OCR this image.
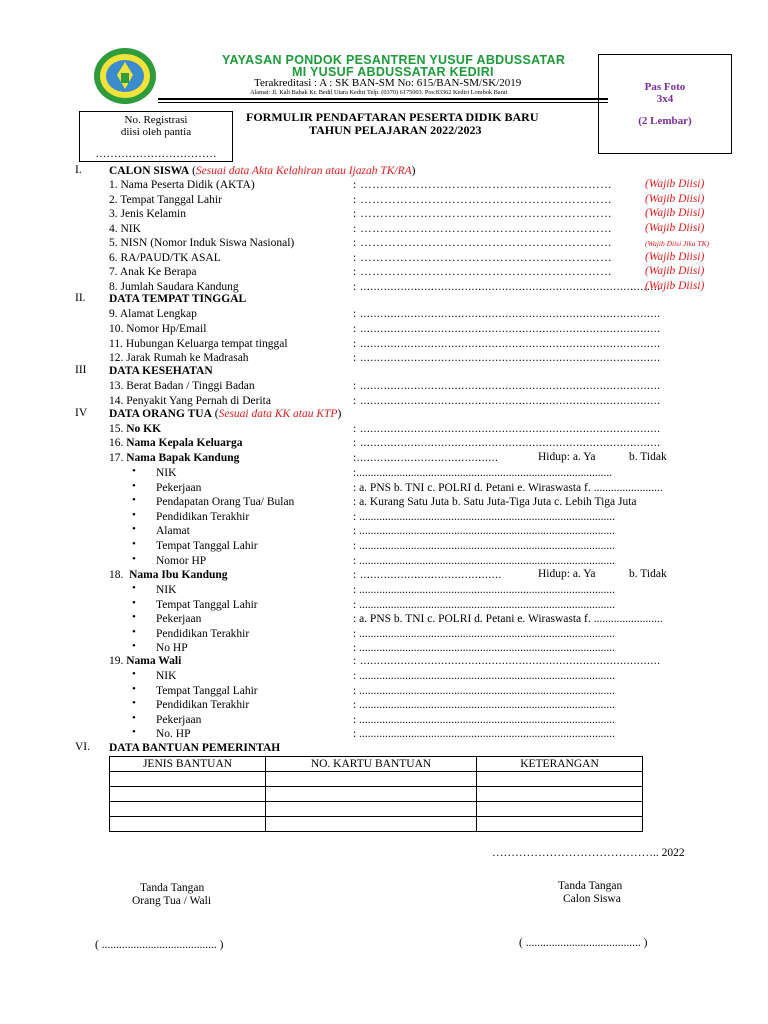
YAYASAN PONDOK PESANTREN YUSUF ABDUSSATAR
MI YUSUF ABDUSSATAR KEDIRI
Terakreditasi : A : SK BAN-SM No: 615/BAN-SM/SK/2019
Alamat: Jl. Kali Babak Kr. Bedil Utara Kediri Telp. (0370) 6175003. Pos:83362 Kediri Lombok Barat	Pas Foto
3x4
(2 Lembar)
No. Registrasi
diisi oleh pantia
……………………………
FORMULIR PENDAFTARAN PESERTA DIDIK BARU
TAHUN PELAJARAN 2022/2023
I. CALON SISWA (Sesuai data Akta Kelahiran atau Ijazah TK/RA)
1. Nama Peserta Didik (AKTA)	: ………………………………………………………	(Wajib Diisi)
2. Tempat Tanggal Lahir	: ………………………………………………………	(Wajib Diisi)
3. Jenis Kelamin	: ………………………………………………………	(Wajib Diisi)
4. NIK	: ………………………………………………………	(Wajib Diisi)
5. NISN (Nomor Induk Siswa Nasional)	: ………………………………………………………	(Wajib Diisi Jika TK)
6. RA/PAUD/TK ASAL	: ………………………………………………………	(Wajib Diisi)
7. Anak Ke Berapa	: ………………………………………………………	(Wajib Diisi)
8. Jumlah Saudara Kandung	: .........................................................................................
(Wajib Diisi)
II. DATA TEMPAT TINGGAL
9. Alamat Lengkap	: .........................................................................................
10. Nomor Hp/Email	: .........................................................................................
11. Hubungan Keluarga tempat tinggal	: .........................................................................................
12. Jarak Rumah ke Madrasah	: .........................................................................................
III DATA KESEHATAN
13. Berat Badan / Tinggi Badan	: .........................................................................................
14. Penyakit Yang Pernah di Derita	: .........................................................................................
IV DATA ORANG TUA (Sesuai data KK atau KTP)
15. No KK	: .........................................................................................
16. Nama Kepala Keluarga	: .........................................................................................
17. Nama Bapak Kandung	:..........................................	Hidup: a. Ya	b. Tidak
• NIK	:.........................................................................................
• Pekerjaan	: a. PNS b. TNI c. POLRI d. Petani e. Wiraswasta f. ........................
• Pendapatan Orang Tua/ Bulan	: a. Kurang Satu Juta b. Satu Juta-Tiga Juta c. Lebih Tiga Juta
• Pendidikan Terakhir	: .........................................................................................
• Alamat	: .........................................................................................
• Tempat Tanggal Lahir	: .........................................................................................
• Nomor HP	: .........................................................................................
18. Nama Ibu Kandung	: ..........................................	Hidup: a. Ya	b. Tidak
• NIK	: .........................................................................................
• Tempat Tanggal Lahir	: .........................................................................................
• Pekerjaan	: a. PNS b. TNI c. POLRI d. Petani e. Wiraswasta f. ........................
• Pendidikan Terakhir	: .........................................................................................
• No HP	: .........................................................................................
19. Nama Wali	: .........................................................................................
• NIK	: .........................................................................................
• Tempat Tanggal Lahir	: .........................................................................................
• Pendidikan Terakhir	: .........................................................................................
• Pekerjaan	: .........................................................................................
• No. HP	: .........................................................................................
VI. DATA BANTUAN PEMERINTAH
JENIS BANTUAN	NO. KARTU BANTUAN	KETERANGAN

…………………………………….. 2022
Tanda Tangan
Orang Tua / Wali
Tanda Tangan
Calon Siswa
( ........................................ )	( ........................................ )
